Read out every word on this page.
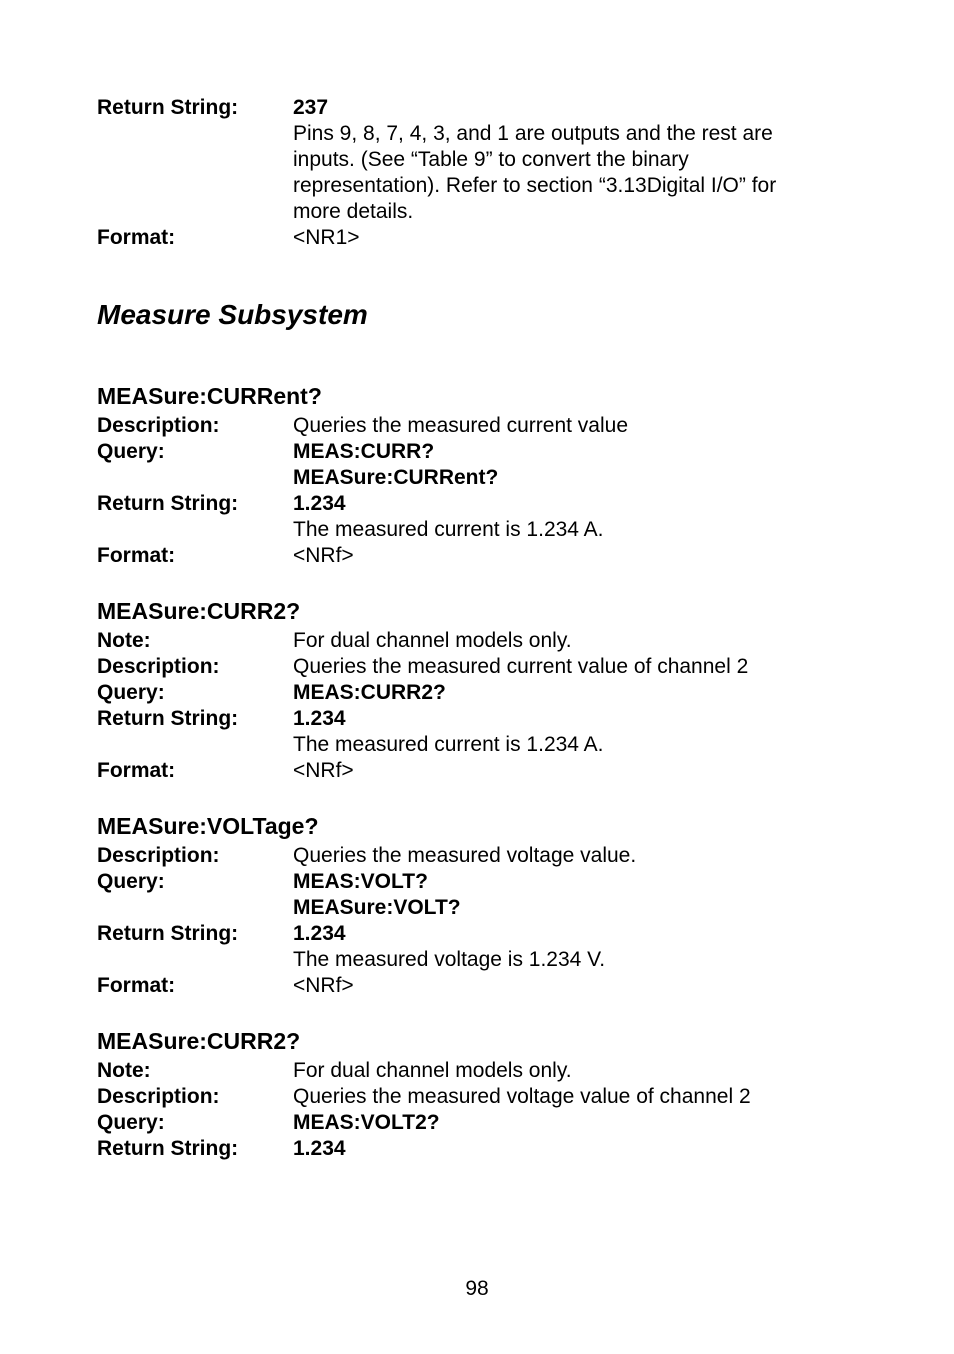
Return String:	237
Pins 9, 8, 7, 4, 3, and 1 are outputs and the rest are
inputs. (See “Table 9” to convert the binary
representation). Refer to section “3.13Digital I/O” for
more details.
Format:	<NR1>
Measure Subsystem
MEASure:CURRent?
Description:	Queries the measured current value
Query:	MEAS:CURR?
MEASure:CURRent?
Return String:	1.234
The measured current is 1.234 A.
Format:	<NRf>
MEASure:CURR2?
Note:	For dual channel models only.
Description:	Queries the measured current value of channel 2
Query:	MEAS:CURR2?
Return String:	1.234
The measured current is 1.234 A.
Format:	<NRf>
MEASure:VOLTage?
Description:	Queries the measured voltage value.
Query:	MEAS:VOLT?
MEASure:VOLT?
Return String:	1.234
The measured voltage is 1.234 V.
Format:	<NRf>
MEASure:CURR2?
Note:	For dual channel models only.
Description:	Queries the measured voltage value of channel 2
Query:	MEAS:VOLT2?
Return String:	1.234
98
